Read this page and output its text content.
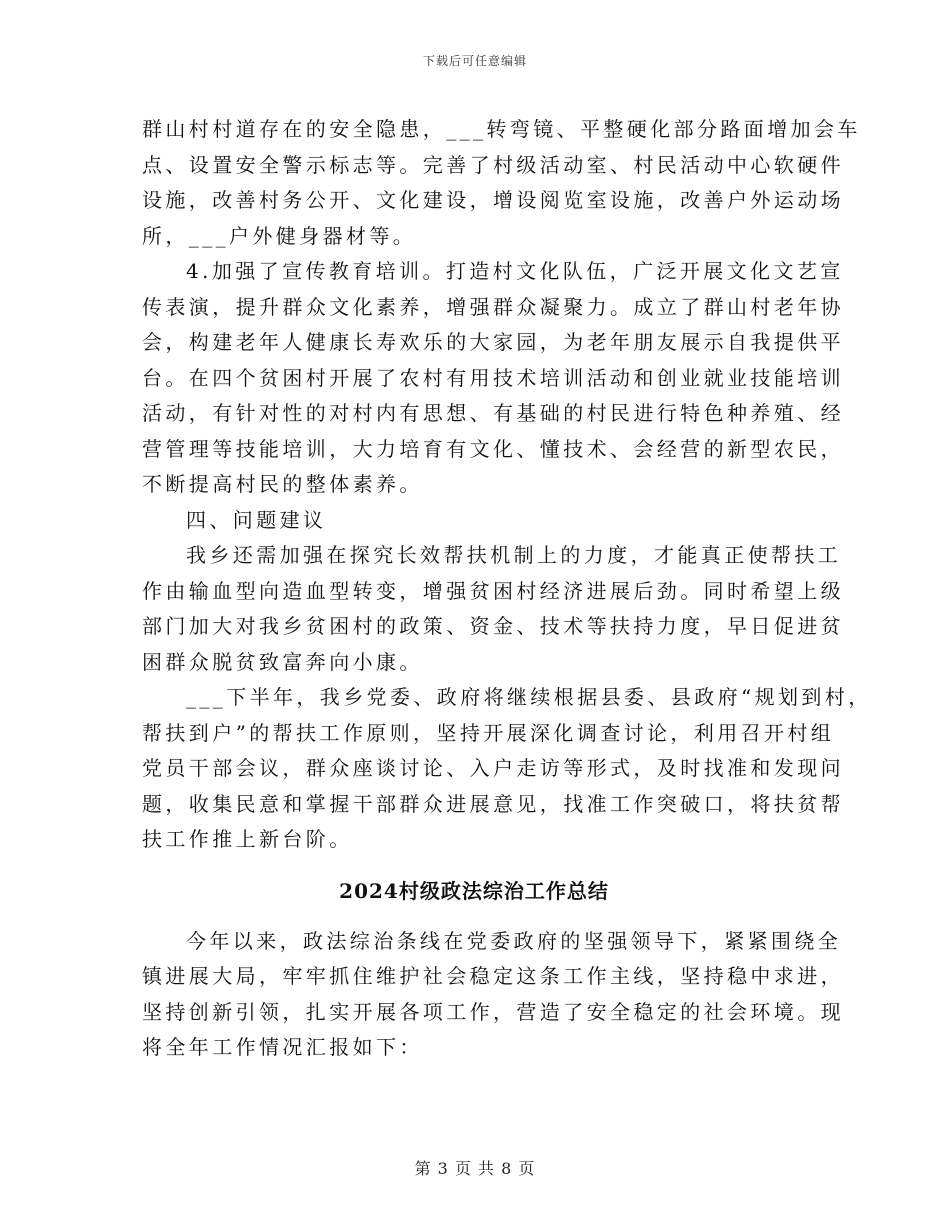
下载后可任意编辑
群山村村道存在的安全隐患，___转弯镜、平整硬化部分路面增加会车
点、设置安全警示标志等。完善了村级活动室、村民活动中心软硬件
设施，改善村务公开、文化建设，增设阅览室设施，改善户外运动场
所，___户外健身器材等。
4.加强了宣传教育培训。打造村文化队伍，广泛开展文化文艺宣
传表演，提升群众文化素养，增强群众凝聚力。成立了群山村老年协
会，构建老年人健康长寿欢乐的大家园，为老年朋友展示自我提供平
台。在四个贫困村开展了农村有用技术培训活动和创业就业技能培训
活动，有针对性的对村内有思想、有基础的村民进行特色种养殖、经
营管理等技能培训，大力培育有文化、懂技术、会经营的新型农民，
不断提高村民的整体素养。
四、问题建议
我乡还需加强在探究长效帮扶机制上的力度，才能真正使帮扶工
作由输血型向造血型转变，增强贫困村经济进展后劲。同时希望上级
部门加大对我乡贫困村的政策、资金、技术等扶持力度，早日促进贫
困群众脱贫致富奔向小康。
___下半年，我乡党委、政府将继续根据县委、县政府“规划到村，
帮扶到户”的帮扶工作原则，坚持开展深化调查讨论，利用召开村组
党员干部会议，群众座谈讨论、入户走访等形式，及时找准和发现问
题，收集民意和掌握干部群众进展意见，找准工作突破口，将扶贫帮
扶工作推上新台阶。
2024村级政法综治工作总结
今年以来，政法综治条线在党委政府的坚强领导下，紧紧围绕全
镇进展大局，牢牢抓住维护社会稳定这条工作主线，坚持稳中求进，
坚持创新引领，扎实开展各项工作，营造了安全稳定的社会环境。现
将全年工作情况汇报如下：
第 3 页 共 8 页
